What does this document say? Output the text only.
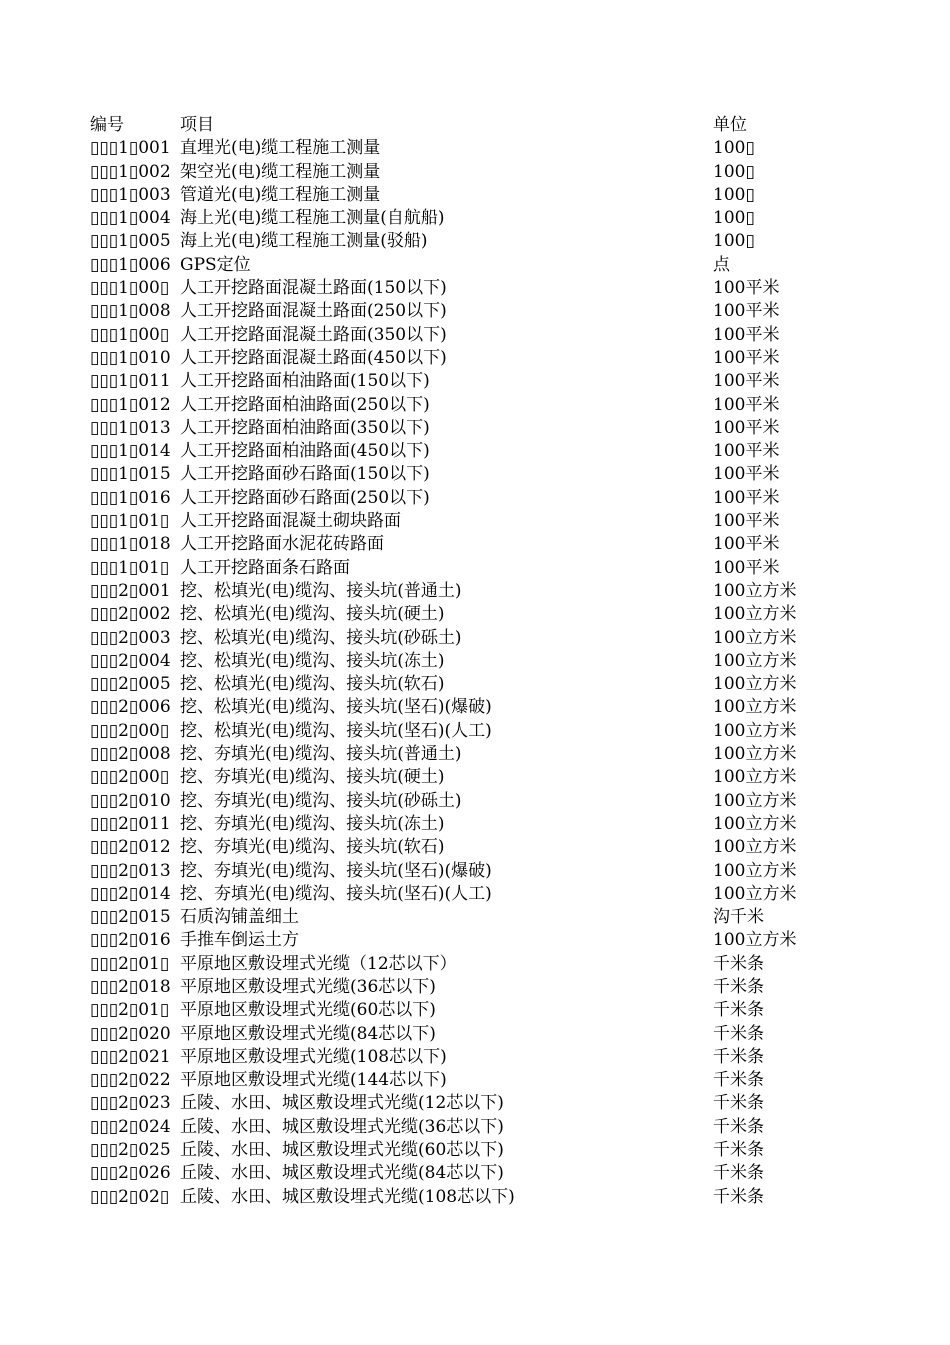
编号	项目	单位
▯▯▯1▯001 直埋光(电)缆工程施工测量	100▯
▯▯▯1▯002 架空光(电)缆工程施工测量	100▯
▯▯▯1▯003 管道光(电)缆工程施工测量	100▯
▯▯▯1▯004 海上光(电)缆工程施工测量(自航船)	100▯
▯▯▯1▯005 海上光(电)缆工程施工测量(驳船)	100▯
▯▯▯1▯006 GPS定位	点
▯▯▯1▯00▯ 人工开挖路面混凝土路面(150以下)	100平米
▯▯▯1▯008 人工开挖路面混凝土路面(250以下)	100平米
▯▯▯1▯00▯ 人工开挖路面混凝土路面(350以下)	100平米
▯▯▯1▯010 人工开挖路面混凝土路面(450以下)	100平米
▯▯▯1▯011 人工开挖路面柏油路面(150以下)	100平米
▯▯▯1▯012 人工开挖路面柏油路面(250以下)	100平米
▯▯▯1▯013 人工开挖路面柏油路面(350以下)	100平米
▯▯▯1▯014 人工开挖路面柏油路面(450以下)	100平米
▯▯▯1▯015 人工开挖路面砂石路面(150以下)	100平米
▯▯▯1▯016 人工开挖路面砂石路面(250以下)	100平米
▯▯▯1▯01▯ 人工开挖路面混凝土砌块路面	100平米
▯▯▯1▯018 人工开挖路面水泥花砖路面	100平米
▯▯▯1▯01▯ 人工开挖路面条石路面	100平米
▯▯▯2▯001 挖、松填光(电)缆沟、接头坑(普通土)	100立方米
▯▯▯2▯002 挖、松填光(电)缆沟、接头坑(硬土)	100立方米
▯▯▯2▯003 挖、松填光(电)缆沟、接头坑(砂砾土)	100立方米
▯▯▯2▯004 挖、松填光(电)缆沟、接头坑(冻土)	100立方米
▯▯▯2▯005 挖、松填光(电)缆沟、接头坑(软石)	100立方米
▯▯▯2▯006 挖、松填光(电)缆沟、接头坑(坚石)(爆破)	100立方米
▯▯▯2▯00▯ 挖、松填光(电)缆沟、接头坑(坚石)(人工)	100立方米
▯▯▯2▯008 挖、夯填光(电)缆沟、接头坑(普通土)	100立方米
▯▯▯2▯00▯ 挖、夯填光(电)缆沟、接头坑(硬土)	100立方米
▯▯▯2▯010 挖、夯填光(电)缆沟、接头坑(砂砾土)	100立方米
▯▯▯2▯011 挖、夯填光(电)缆沟、接头坑(冻土)	100立方米
▯▯▯2▯012 挖、夯填光(电)缆沟、接头坑(软石)	100立方米
▯▯▯2▯013 挖、夯填光(电)缆沟、接头坑(坚石)(爆破)	100立方米
▯▯▯2▯014 挖、夯填光(电)缆沟、接头坑(坚石)(人工)	100立方米
▯▯▯2▯015 石质沟铺盖细土	沟千米
▯▯▯2▯016 手推车倒运土方	100立方米
▯▯▯2▯01▯ 平原地区敷设埋式光缆（12芯以下）	千米条
▯▯▯2▯018 平原地区敷设埋式光缆(36芯以下)	千米条
▯▯▯2▯01▯ 平原地区敷设埋式光缆(60芯以下)	千米条
▯▯▯2▯020 平原地区敷设埋式光缆(84芯以下)	千米条
▯▯▯2▯021 平原地区敷设埋式光缆(108芯以下)	千米条
▯▯▯2▯022 平原地区敷设埋式光缆(144芯以下)	千米条
▯▯▯2▯023 丘陵、水田、城区敷设埋式光缆(12芯以下)	千米条
▯▯▯2▯024 丘陵、水田、城区敷设埋式光缆(36芯以下)	千米条
▯▯▯2▯025 丘陵、水田、城区敷设埋式光缆(60芯以下)	千米条
▯▯▯2▯026 丘陵、水田、城区敷设埋式光缆(84芯以下)	千米条
▯▯▯2▯02▯ 丘陵、水田、城区敷设埋式光缆(108芯以下)	千米条
